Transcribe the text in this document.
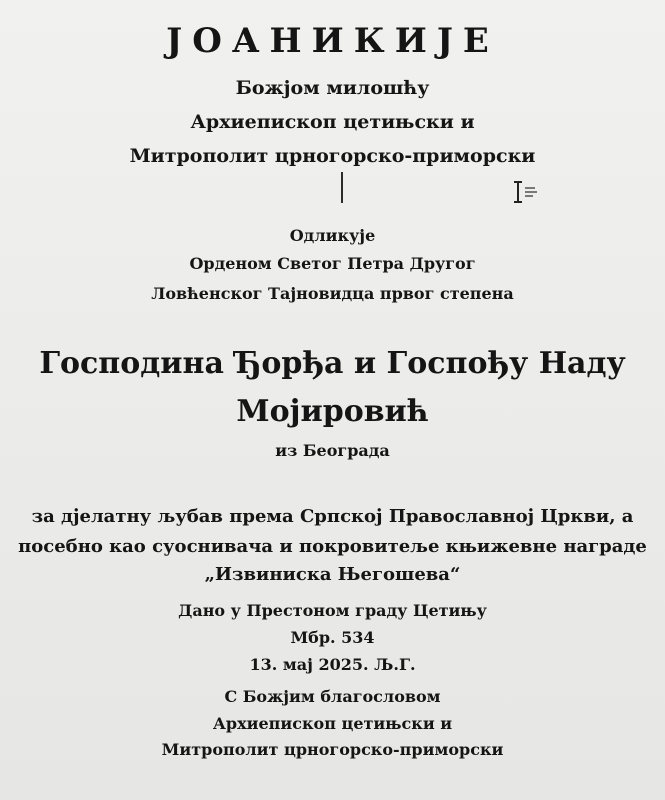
ЈОАНИКИЈЕ
Божјом милошћу
Архиепископ цетињски и
Митрополит црногорско-приморски
Одликује
Орденом Светог Петра Другог
Ловћенског Тајновидца првог степена
Господина Ђорђа и Госпођу Наду
Мојировић
из Београда
за дјелатну љубав према Српској Православној Цркви, а
посебно као суоснивача и покровитеље књижевне награде
„Извиниска Његошева“
Дано у Престоном граду Цетињу
Мбр. 534
13. мај 2025. Љ.Г.
С Божјим благословом
Архиепископ цетињски и
Митрополит црногорско-приморски
